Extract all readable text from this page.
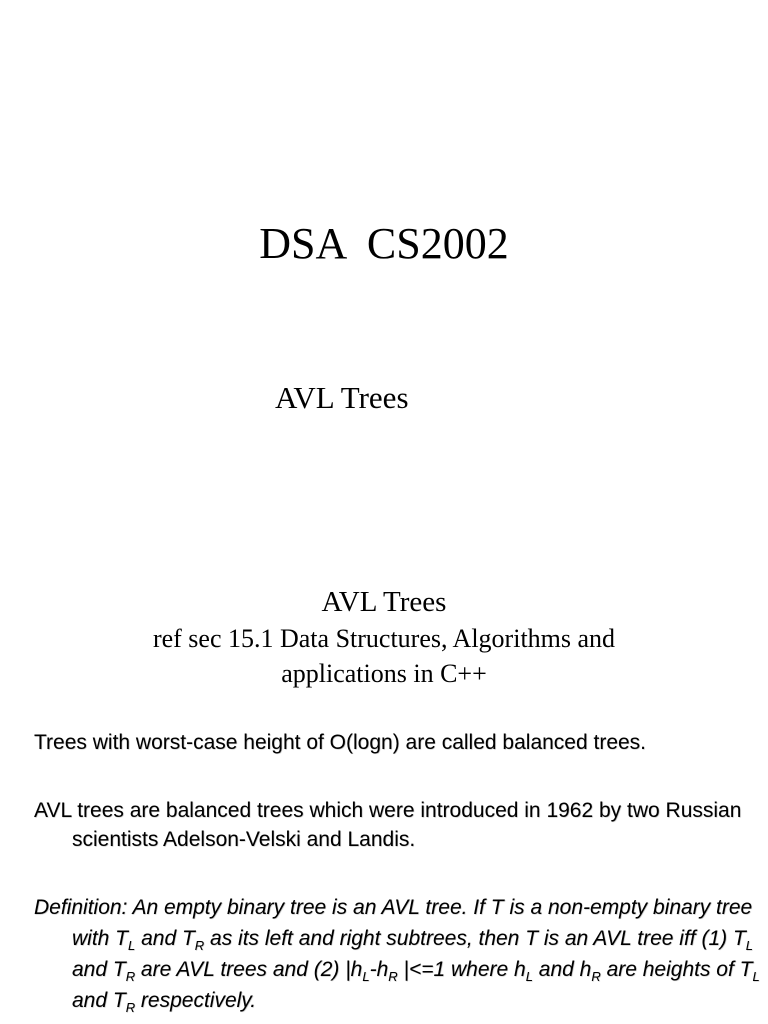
DSA  CS2002
AVL Trees
AVL Trees
ref sec 15.1 Data Structures, Algorithms and applications in C++
Trees with worst-case height of O(logn) are called balanced trees.
AVL trees are balanced trees which were introduced in 1962 by two Russian scientists Adelson-Velski and Landis.
Definition: An empty binary tree is an AVL tree. If T is a non-empty binary tree with $T_L$ and $T_R$ as its left and right subtrees, then T is an AVL tree iff (1) $T_L$ and $T_R$ are AVL trees and (2) $|h_L-h_R$ |<=1 where $h_L$ and $h_R$ are heights of $T_L$ and $T_R$ respectively.
